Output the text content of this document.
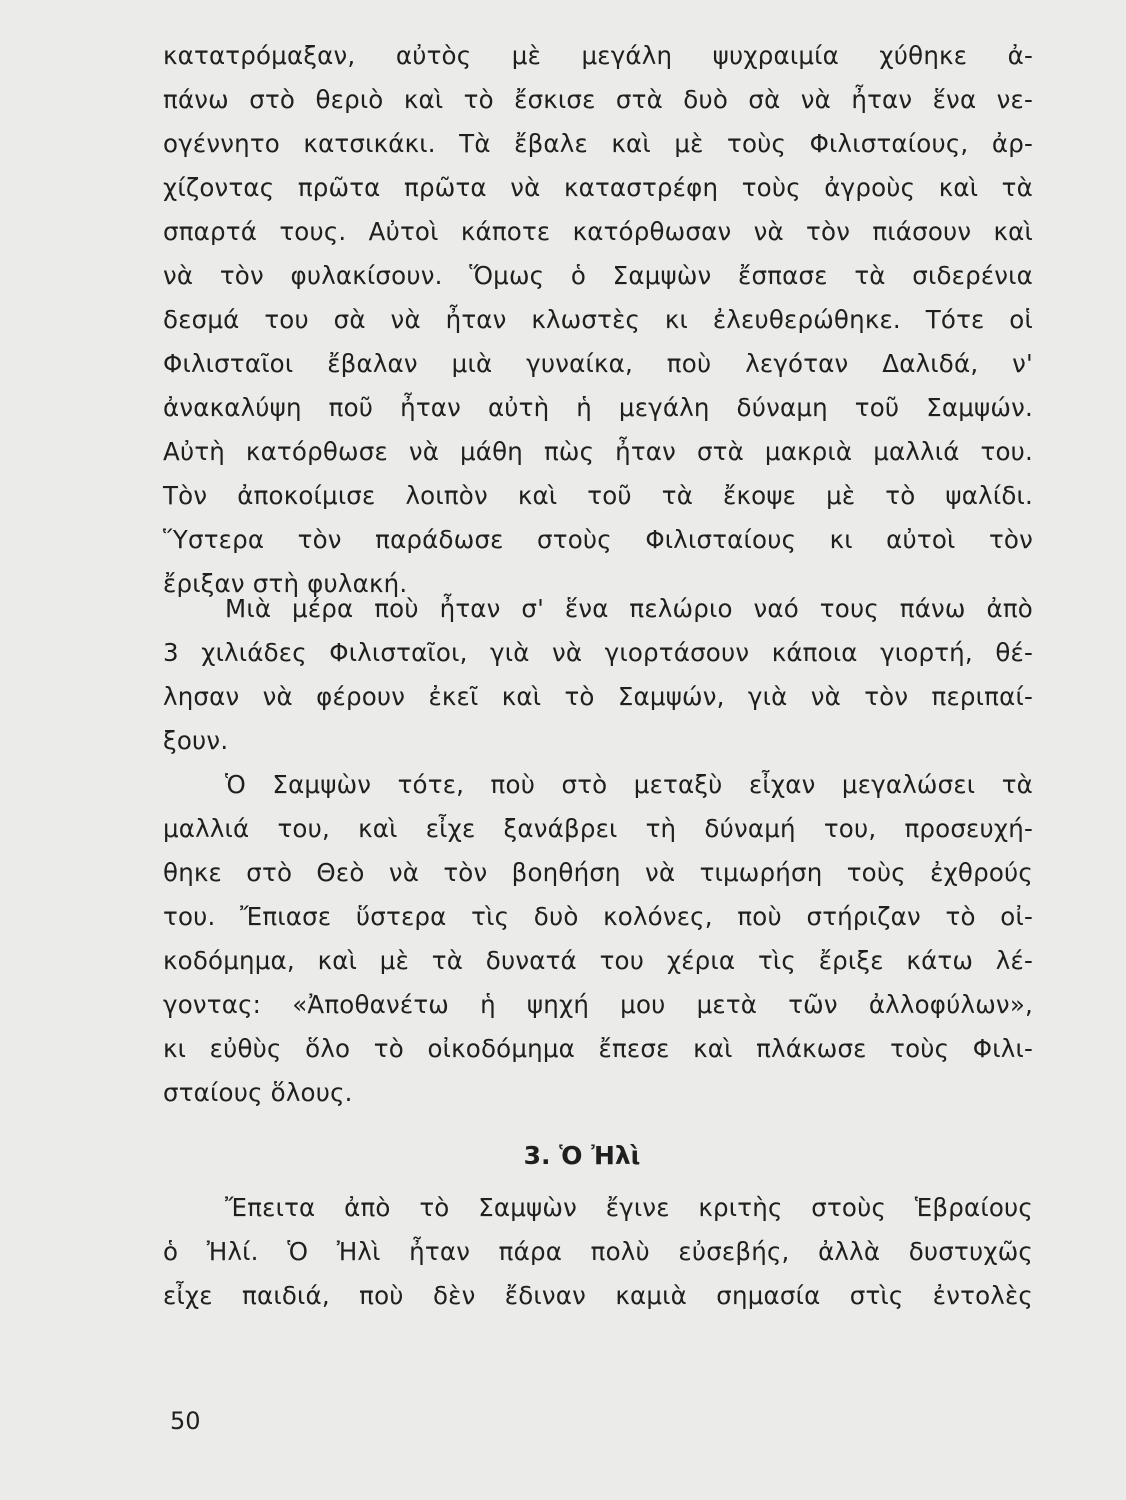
κατατρόμαξαν, αὐτὸς μὲ μεγάλη ψυχραιμία χύθηκε ἀ-
πάνω στὸ θεριὸ καὶ τὸ ἔσκισε στὰ δυὸ σὰ νὰ ἦταν ἕνα νε-
ογέννητο κατσικάκι. Τὰ ἔβαλε καὶ μὲ τοὺς Φιλισταίους, ἀρ-
χίζοντας πρῶτα πρῶτα νὰ καταστρέφη τοὺς ἀγροὺς καὶ τὰ
σπαρτά τους. Αὐτοὶ κάποτε κατόρθωσαν νὰ τὸν πιάσουν καὶ
νὰ τὸν φυλακίσουν. Ὅμως ὁ Σαμψὼν ἔσπασε τὰ σιδερένια
δεσμά του σὰ νὰ ἦταν κλωστὲς κι ἐλευθερώθηκε. Τότε οἱ
Φιλισταῖοι ἔβαλαν μιὰ γυναίκα, ποὺ λεγόταν Δαλιδά, ν'
ἀνακαλύψη ποῦ ἦταν αὐτὴ ἡ μεγάλη δύναμη τοῦ Σαμψών.
Αὐτὴ κατόρθωσε νὰ μάθη πὼς ἦταν στὰ μακριὰ μαλλιά του.
Τὸν ἀποκοίμισε λοιπὸν καὶ τοῦ τὰ ἔκοψε μὲ τὸ ψαλίδι.
Ὕστερα τὸν παράδωσε στοὺς Φιλισταίους κι αὐτοὶ τὸν
ἔριξαν στὴ φυλακή.
Μιὰ μέρα ποὺ ἦταν σ' ἕνα πελώριο ναό τους πάνω ἀπὸ
3 χιλιάδες Φιλισταῖοι, γιὰ νὰ γιορτάσουν κάποια γιορτή, θέ-
λησαν νὰ φέρουν ἐκεῖ καὶ τὸ Σαμψών, γιὰ νὰ τὸν περιπαί-
ξουν.
Ὁ Σαμψὼν τότε, ποὺ στὸ μεταξὺ εἶχαν μεγαλώσει τὰ
μαλλιά του, καὶ εἶχε ξανάβρει τὴ δύναμή του, προσευχή-
θηκε στὸ Θεὸ νὰ τὸν βοηθήση νὰ τιμωρήση τοὺς ἐχθρούς
του. Ἔπιασε ὕστερα τὶς δυὸ κολόνες, ποὺ στήριζαν τὸ οἰ-
κοδόμημα, καὶ μὲ τὰ δυνατά του χέρια τὶς ἔριξε κάτω λέ-
γοντας: «Ἀποθανέτω ἡ ψηχή μου μετὰ τῶν ἀλλοφύλων»,
κι εὐθὺς ὅλο τὸ οἰκοδόμημα ἔπεσε καὶ πλάκωσε τοὺς Φιλι-
σταίους ὅλους.
3. Ὁ Ἠλὶ
Ἔπειτα ἀπὸ τὸ Σαμψὼν ἔγινε κριτὴς στοὺς Ἑβραίους
ὁ Ἠλί. Ὁ Ἠλὶ ἦταν πάρα πολὺ εὐσεβής, ἀλλὰ δυστυχῶς
εἶχε παιδιά, ποὺ δὲν ἔδιναν καμιὰ σημασία στὶς ἐντολὲς
50
